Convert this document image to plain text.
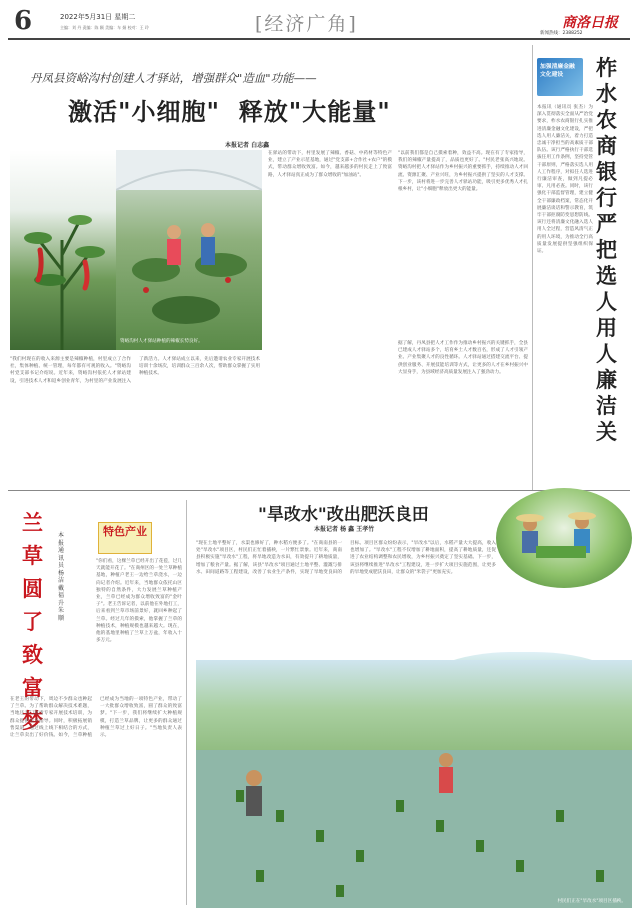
6	2022年5月31日 星期二
主编：刘 丹 责编：陈 颖 美编：车 娟 校对：王 玲	[经济广角]	商洛日报
新闻热线：2388252
丹凤县资峪沟村创建人才驿站，增强群众"造血"功能——
激活"小细胞"  释放"大能量"
本报记者 白志鑫
资峪沟村人才驿站种植的辣椒长势良好。
"我们村现在的收入来源主要是辣椒种植，村里成立了合作社，集体种植、统一管理，每年都有可观的收入。"资峪沟村党支部书记介绍说。近年来，资峪沟村依托人才驿站建设，引进技术人才和返乡创业青年，为村里的产业发展注入了新活力。人才驿站成立以来，先后邀请农业专家开展技术培训十余场次，培训群众三百余人次，帮助群众掌握了实用种植技术。
在驿站的带动下，村里发展了辣椒、香菇、中药材等特色产业，建立了产业示范基地，通过"党支部+合作社+农户"的模式，带动群众增收致富。如今，越来越多的村民走上了致富路，人才驿站真正成为了群众增收的"加油站"。
"以前我们都是自己摸索着种，效益不高。现在有了专家指导，我们的辣椒产量提高了，品质也更好了。"村民老张高兴地说。资峪沟村把人才驿站作为乡村振兴的重要抓手，持续推动人才回流、资源汇聚、产业兴旺，为乡村振兴提供了坚实的人才支撑。下一步，该村将进一步完善人才驿站功能，吸引更多优秀人才扎根乡村，让"小细胞"释放出更大的能量。
据了解，丹凤县把人才工作作为推动乡村振兴的关键抓手，全县已建成人才驿站多个，培育乡土人才数百名，形成了人才引领产业、产业集聚人才的良性循环。人才驿站通过搭建交流平台、提供创业服务、开展技能培训等方式，让更多的人才在乡村振兴中大显身手，为县域经济高质量发展注入了强劲动力。
加强清廉金融文化建设	柞水农商银行严把选人用人廉洁关
本报讯（通讯员 张杰）为深入贯彻落实全面从严治党要求，柞水农商银行扎实推进清廉金融文化建设，严把选人用人廉洁关，着力打造忠诚干净担当的高素质干部队伍。该行严格执行干部选拔任用工作条例，坚持党管干部原则，严格落实选人用人工作程序，对拟任人选进行廉洁审查，做到凡提必审、凡用必查。同时，该行强化干部监督管理，建立健全干部廉政档案，常态化开展廉洁谈话和警示教育，筑牢干部拒腐防变思想防线。该行还将清廉文化融入选人用人全过程，营造风清气正的用人环境，为推动全行高质量发展提供坚强组织保证。
特色产业
兰草圆了致富梦
本报通讯员 杨洁 戴福升 朱顺
"你们看，这棵兰草已经开出了花苞，过几天就能开花了。"在商州区的一处兰草种植基地，种植户老王一边给兰草浇水，一边向记者介绍。近年来，当地群众依托山区独特的自然条件，大力发展兰草种植产业，兰草已经成为群众增收致富的"金叶子"。老王告诉记者，以前他在外地打工，后来看到兰草市场前景好，就回乡种起了兰草。经过几年的摸索，他掌握了兰草的种植技术，种植规模也越来越大。现在，他的基地里种植了兰草上万盆，年收入十多万元。
在老王的带动下，周边不少群众也种起了兰草。为了帮助群众解决技术难题，当地还专门邀请专家开展技术培训，为群众提供技术指导。同时，积极拓展销售渠道，通过线上线下相结合的方式，让兰草卖出了好价钱。如今，兰草种植已经成为当地的一项特色产业，带动了一大批群众增收致富，圆了群众的致富梦。"下一步，我们将继续扩大种植规模，打造兰草品牌，让更多的群众通过种植兰草过上好日子。"当地负责人表示。
"旱改水"改出肥沃良田
本报记者 杨 鑫 王孝竹
"现在土地平整好了，水渠也修好了，种水稻方便多了。"在商南县的一处"旱改水"项目区，村民们正忙着插秧，一片繁忙景象。近年来，商南县积极实施"旱改水"工程，将旱地改造为水田，有效提升了耕地质量，增加了粮食产量。据了解，该县"旱改水"项目通过土地平整、灌溉与排水、田间道路等工程建设，改善了农业生产条件，实现了旱地变良田的目标。项目区群众纷纷表示，"旱改水"以后，水稻产量大大提高，收入也增加了。"旱改水"工程不仅增加了耕地面积，提高了耕地质量，还促进了农业结构调整和农民增收，为乡村振兴奠定了坚实基础。下一步，该县将继续推进"旱改水"工程建设，进一步扩大项目实施范围，让更多的旱地变成肥沃良田，让群众的"米袋子"更加充实。
村民们正在"旱改水"项目区插秧。
